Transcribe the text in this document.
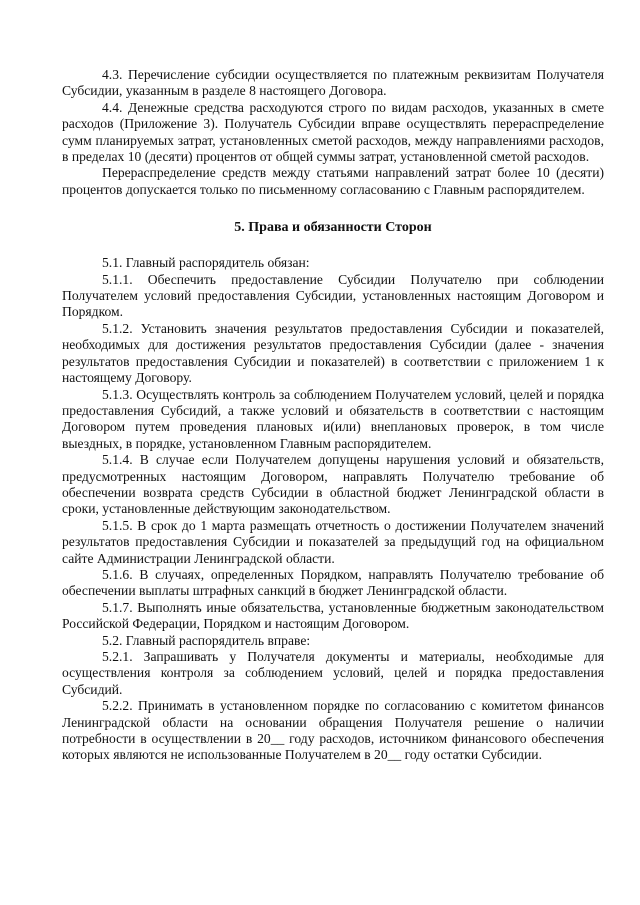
4.3. Перечисление субсидии осуществляется по платежным реквизитам Получателя Субсидии, указанным в разделе 8 настоящего Договора.

4.4. Денежные средства расходуются строго по видам расходов, указанных в смете расходов (Приложение 3). Получатель Субсидии вправе осуществлять перераспределение сумм планируемых затрат, установленных сметой расходов, между направлениями расходов, в пределах 10 (десяти) процентов от общей суммы затрат, установленной сметой расходов.

Перераспределение средств между статьями направлений затрат более 10 (десяти) процентов допускается только по письменному согласованию с Главным распорядителем.

5. Права и обязанности Сторон

5.1. Главный распорядитель обязан:

5.1.1. Обеспечить предоставление Субсидии Получателю при соблюдении Получателем условий предоставления Субсидии, установленных настоящим Договором и Порядком.

5.1.2. Установить значения результатов предоставления Субсидии и показателей, необходимых для достижения результатов предоставления Субсидии (далее - значения результатов предоставления Субсидии и показателей) в соответствии с приложением 1 к настоящему Договору.

5.1.3. Осуществлять контроль за соблюдением Получателем условий, целей и порядка предоставления Субсидий, а также условий и обязательств в соответствии с настоящим Договором путем проведения плановых и(или) внеплановых проверок, в том числе выездных, в порядке, установленном Главным распорядителем.

5.1.4. В случае если Получателем допущены нарушения условий и обязательств, предусмотренных настоящим Договором, направлять Получателю требование об обеспечении возврата средств Субсидии в областной бюджет Ленинградской области в сроки, установленные действующим законодательством.

5.1.5. В срок до 1 марта размещать отчетность о достижении Получателем значений результатов предоставления Субсидии и показателей за предыдущий год на официальном сайте Администрации Ленинградской области.

5.1.6. В случаях, определенных Порядком, направлять Получателю требование об обеспечении выплаты штрафных санкций в бюджет Ленинградской области.

5.1.7. Выполнять иные обязательства, установленные бюджетным законодательством Российской Федерации, Порядком и настоящим Договором.

5.2. Главный распорядитель вправе:

5.2.1. Запрашивать у Получателя документы и материалы, необходимые для осуществления контроля за соблюдением условий, целей и порядка предоставления Субсидий.

5.2.2. Принимать в установленном порядке по согласованию с комитетом финансов Ленинградской области на основании обращения Получателя решение о наличии потребности в осуществлении в 20__ году расходов, источником финансового обеспечения которых являются не использованные Получателем в 20__ году остатки Субсидии.
